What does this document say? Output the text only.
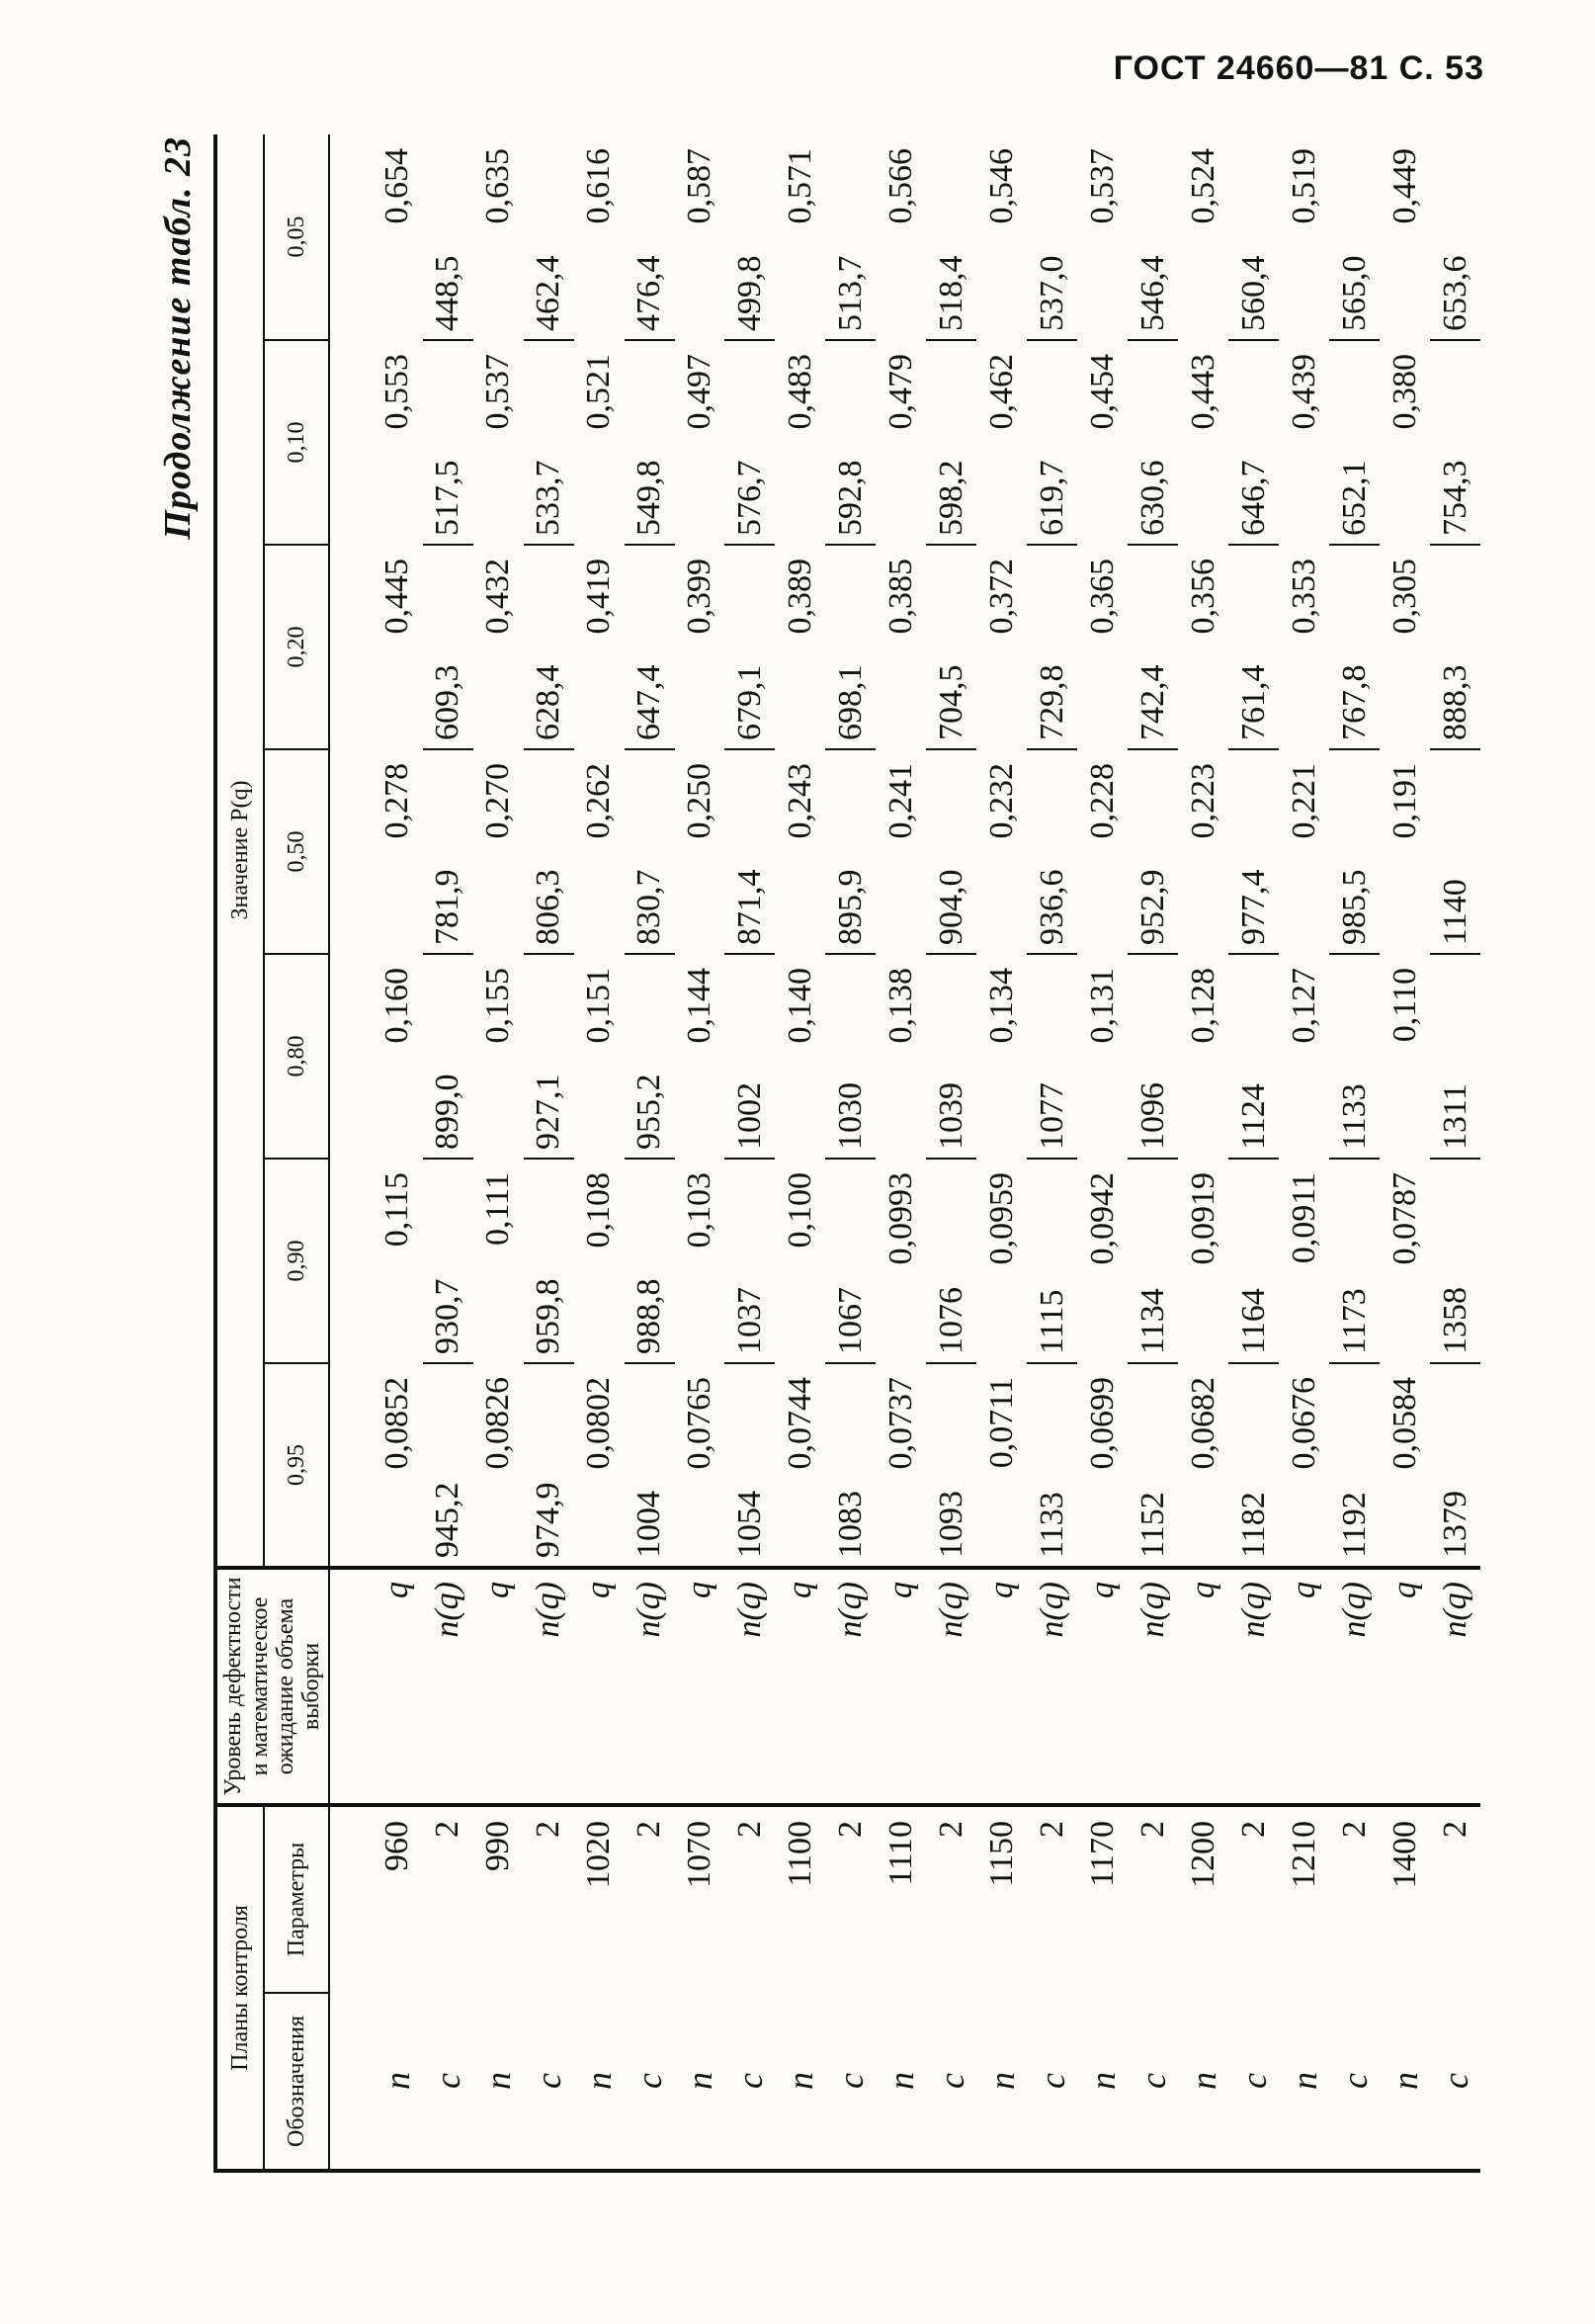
ГОСТ 24660—81 С. 53
Продолжение табл. 23
Планы контроля		Уровень дефектности и математическое ожидание объема выборки	Значение P(q)						
Обозначения	Параметры		0,95	0,90	0,80	0,50	0,20	0,10	0,05

n	960	q	0,0852	0,115	0,160	0,278	0,445	0,553	0,654
c	2	n(q)	945,2	930,7	899,0	781,9	609,3	517,5	448,5
n	990	q	0,0826	0,111	0,155	0,270	0,432	0,537	0,635
c	2	n(q)	974,9	959,8	927,1	806,3	628,4	533,7	462,4
n	1020	q	0,0802	0,108	0,151	0,262	0,419	0,521	0,616
c	2	n(q)	1004	988,8	955,2	830,7	647,4	549,8	476,4
n	1070	q	0,0765	0,103	0,144	0,250	0,399	0,497	0,587
c	2	n(q)	1054	1037	1002	871,4	679,1	576,7	499,8
n	1100	q	0,0744	0,100	0,140	0,243	0,389	0,483	0,571
c	2	n(q)	1083	1067	1030	895,9	698,1	592,8	513,7
n	1110	q	0,0737	0,0993	0,138	0,241	0,385	0,479	0,566
c	2	n(q)	1093	1076	1039	904,0	704,5	598,2	518,4
n	1150	q	0,0711	0,0959	0,134	0,232	0,372	0,462	0,546
c	2	n(q)	1133	1115	1077	936,6	729,8	619,7	537,0
n	1170	q	0,0699	0,0942	0,131	0,228	0,365	0,454	0,537
c	2	n(q)	1152	1134	1096	952,9	742,4	630,6	546,4
n	1200	q	0,0682	0,0919	0,128	0,223	0,356	0,443	0,524
c	2	n(q)	1182	1164	1124	977,4	761,4	646,7	560,4
n	1210	q	0,0676	0,0911	0,127	0,221	0,353	0,439	0,519
c	2	n(q)	1192	1173	1133	985,5	767,8	652,1	565,0
n	1400	q	0,0584	0,0787	0,110	0,191	0,305	0,380	0,449
c	2	n(q)	1379	1358	1311	1140	888,3	754,3	653,6
